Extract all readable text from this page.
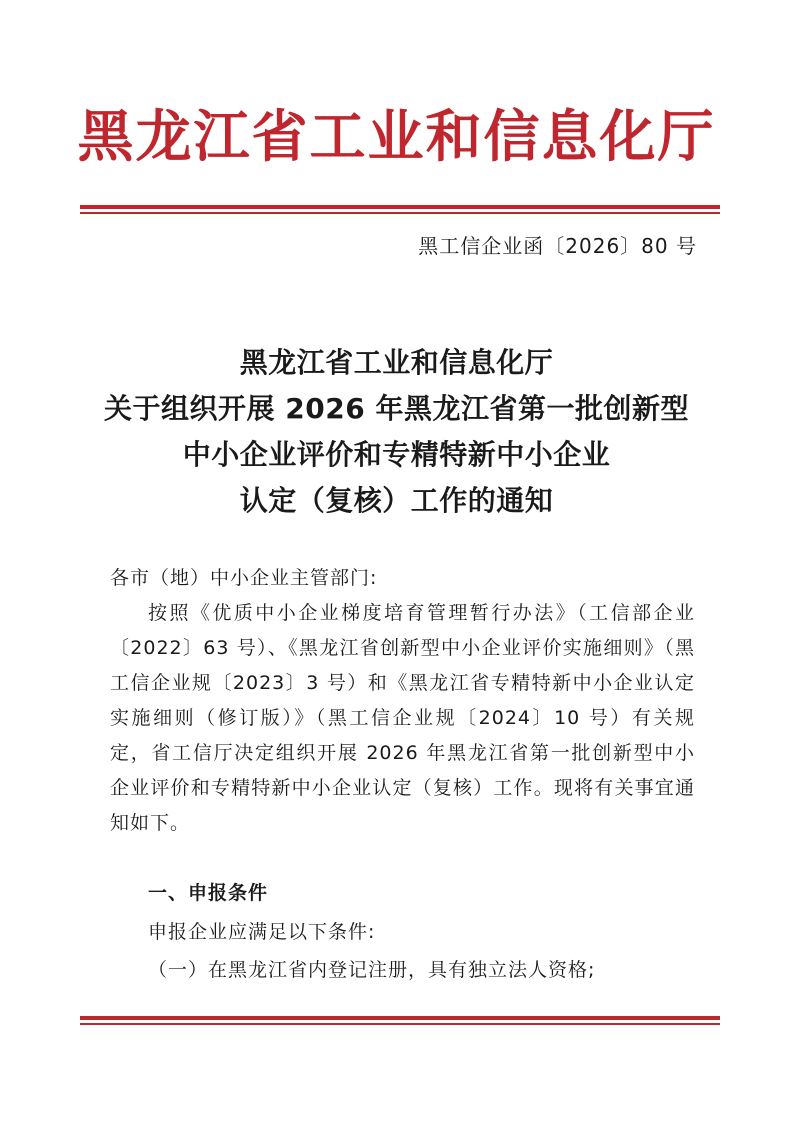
黑龙江省工业和信息化厅
黑工信企业函〔2026〕80 号
黑龙江省工业和信息化厅
关于组织开展 2026 年黑龙江省第一批创新型
中小企业评价和专精特新中小企业
认定（复核）工作的通知
各市（地）中小企业主管部门:
按照《优质中小企业梯度培育管理暂行办法》（工信部企业〔2022〕63 号）、《黑龙江省创新型中小企业评价实施细则》（黑工信企业规〔2023〕3 号）和《黑龙江省专精特新中小企业认定实施细则（修订版）》（黑工信企业规〔2024〕10 号）有关规定，省工信厅决定组织开展 2026 年黑龙江省第一批创新型中小企业评价和专精特新中小企业认定（复核）工作。现将有关事宜通知如下。
一、申报条件
申报企业应满足以下条件:
（一）在黑龙江省内登记注册，具有独立法人资格;
